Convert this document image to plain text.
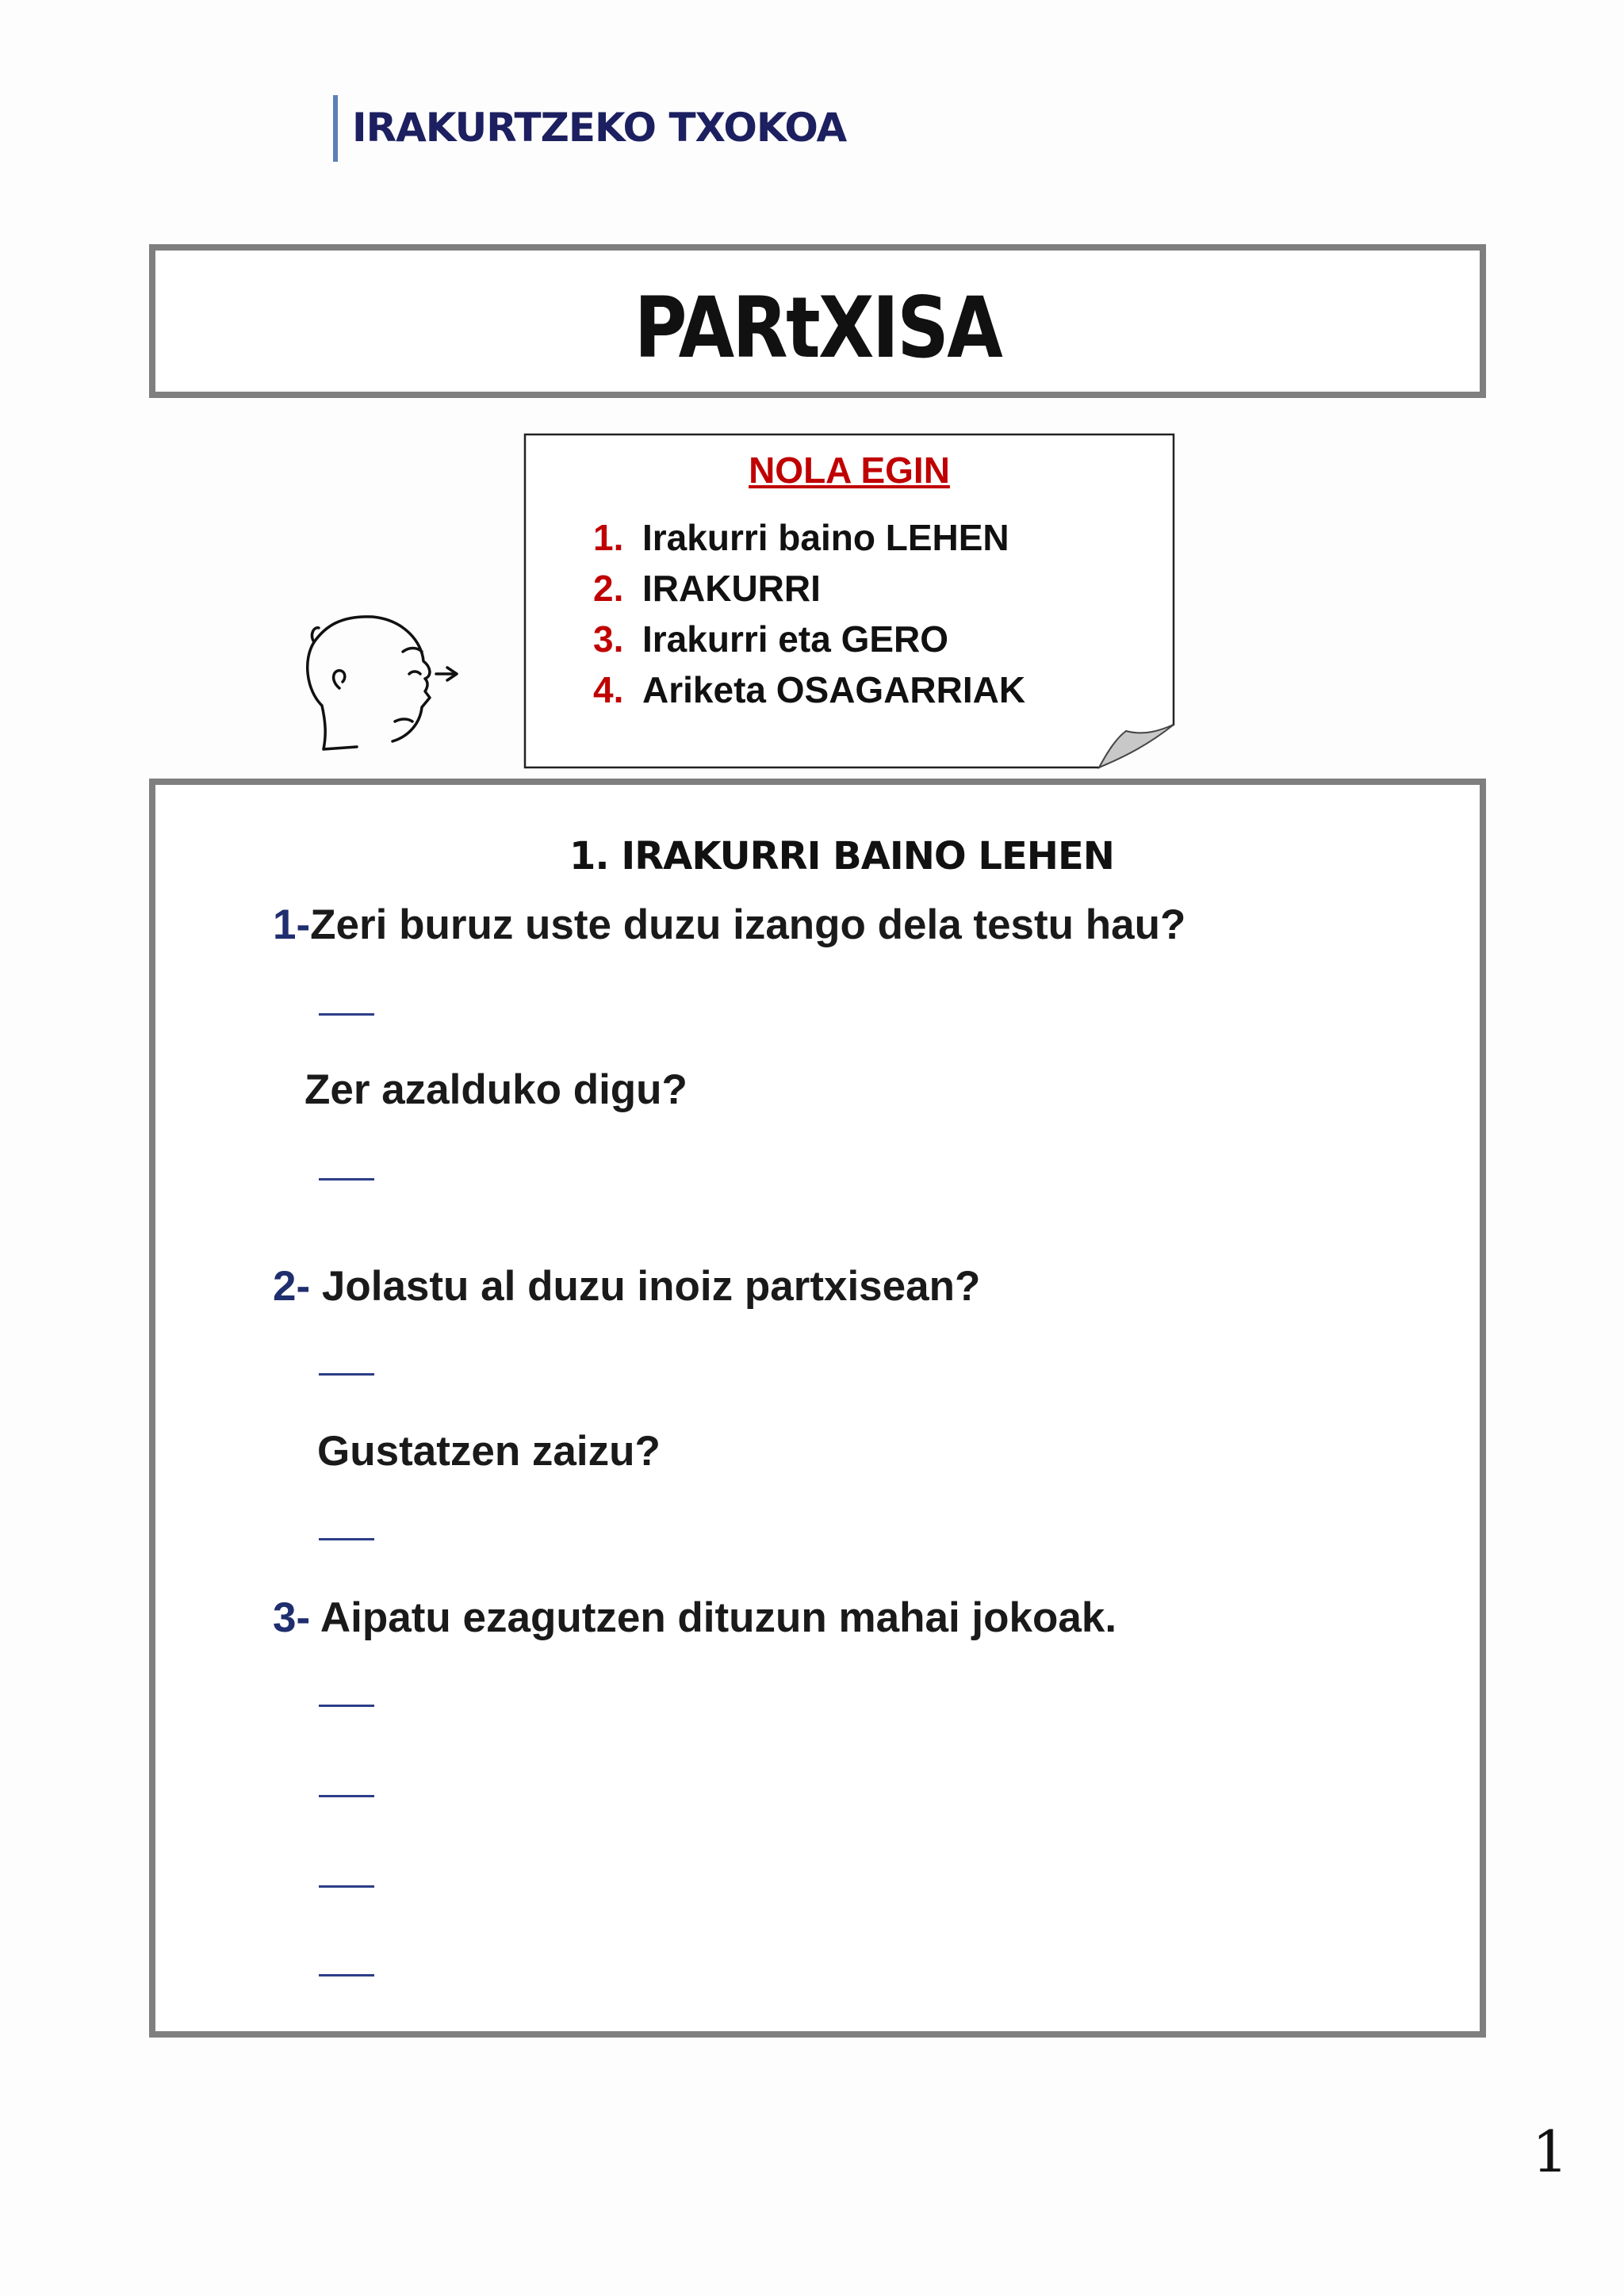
IRAKURTZEKO TXOKOA
PARtXISA
NOLA EGIN
1. Irakurri baino LEHEN
2. IRAKURRI
3. Irakurri eta GERO
4. Ariketa OSAGARRIAK
1. IRAKURRI BAINO LEHEN
1-Zeri buruz uste duzu izango dela testu hau?
Zer azalduko digu?
2- Jolastu al duzu inoiz partxisean?
Gustatzen zaizu?
3- Aipatu ezagutzen dituzun mahai jokoak.
1
